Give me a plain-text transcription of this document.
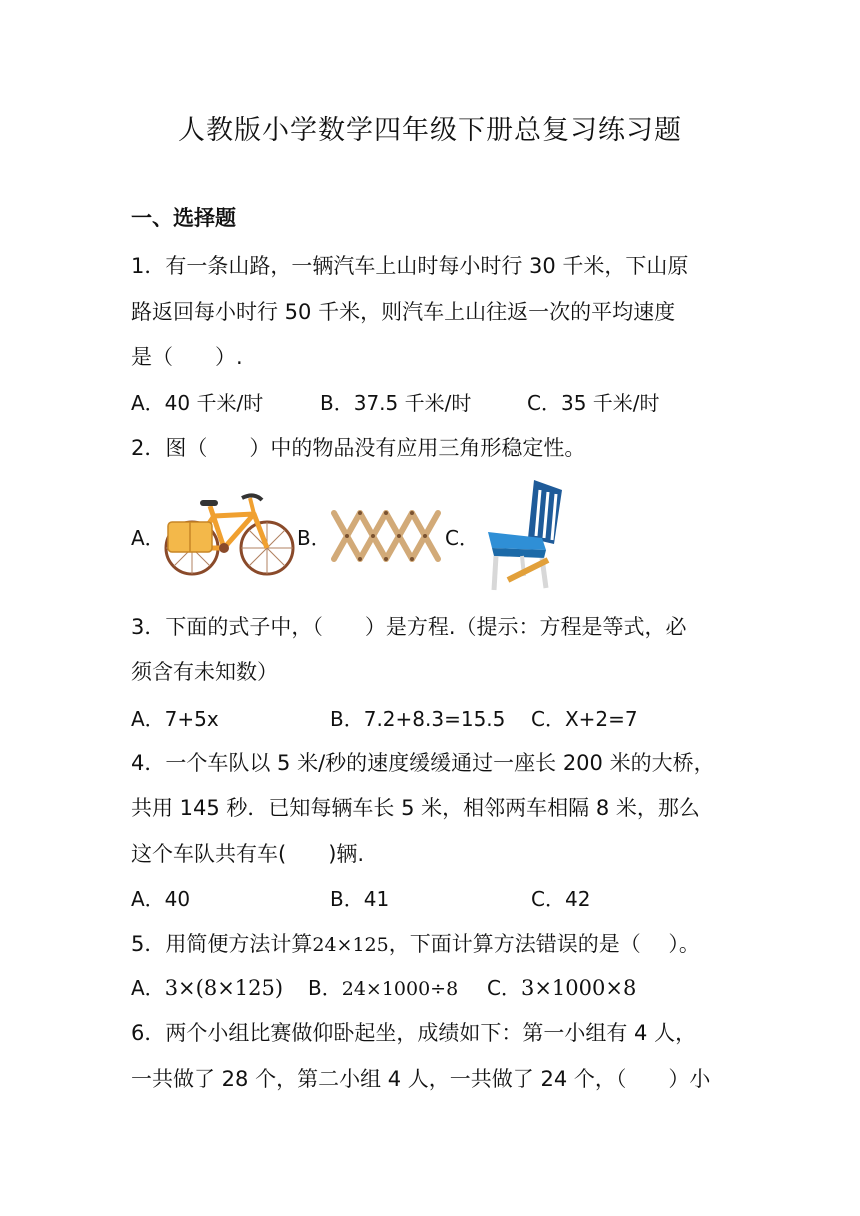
人教版小学数学四年级下册总复习练习题
一、选择题
1．有一条山路，一辆汽车上山时每小时行 30 千米，下山原
路返回每小时行 50 千米，则汽车上山往返一次的平均速度
是（　　）.
A．40 千米/时	B．37.5 千米/时	C．35 千米/时
2．图（　　）中的物品没有应用三角形稳定性。
A．	B．	C．
3．下面的式子中，（　　）是方程.（提示：方程是等式，必
须含有未知数）
A．7+5x	B．7.2+8.3=15.5 C．X+2=7
4．一个车队以 5 米/秒的速度缓缓通过一座长 200 米的大桥，
共用 145 秒．已知每辆车长 5 米，相邻两车相隔 8 米，那么
这个车队共有车(　　)辆.
A．40	B．41	C．42
5．用简便方法计算24×125，下面计算方法错误的是（　 ）。
A．3×(8×125) B．24×1000÷8 C．3×1000×8
6．两个小组比赛做仰卧起坐，成绩如下：第一小组有 4 人，
一共做了 28 个，第二小组 4 人，一共做了 24 个，（　　）小
